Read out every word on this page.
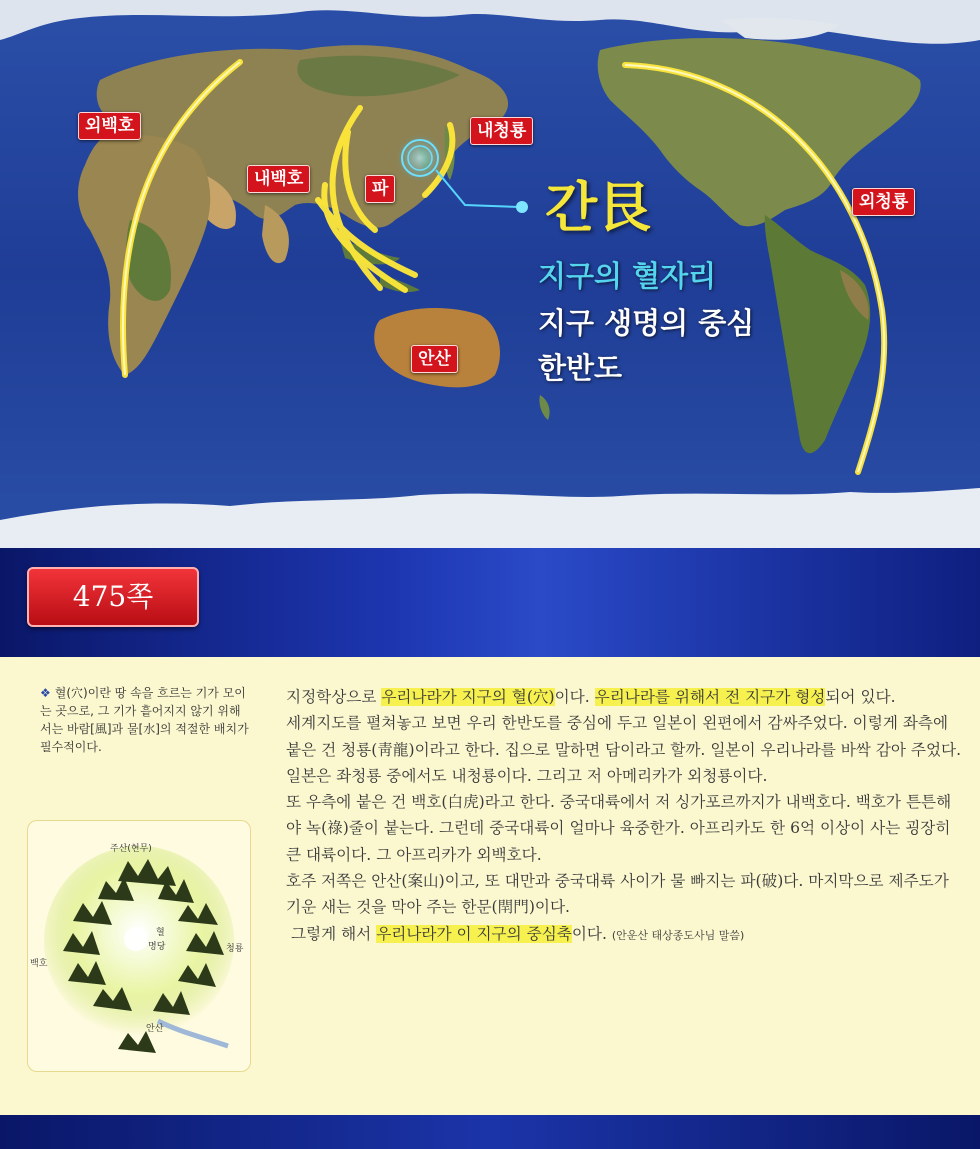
외백호	내청룡
내백호	파
외청룡
안산
간艮
지구의 혈자리
지구 생명의 중심
한반도
475쪽
❖ 혈(穴)이란 땅 속을 흐르는 기가 모이는 곳으로, 그 기가 흩어지지 않기 위해서는 바람[風]과 물[水]의 적절한 배치가 필수적이다.
주산(현무)
백호
청룡
혈
명당
안산

지정학상으로 우리나라가 지구의 혈(穴)이다. 우리나라를 위해서 전 지구가 형성되어 있다.

세계지도를 펼쳐놓고 보면 우리 한반도를 중심에 두고 일본이 왼편에서 감싸주었다. 이렇게 좌측에 붙은 건 청룡(靑龍)이라고 한다. 집으로 말하면 담이라고 할까. 일본이 우리나라를 바싹 감아 주었다. 일본은 좌청룡 중에서도 내청룡이다. 그리고 저 아메리카가 외청룡이다.

또 우측에 붙은 건 백호(白虎)라고 한다. 중국대륙에서 저 싱가포르까지가 내백호다. 백호가 튼튼해야 녹(祿)줄이 붙는다. 그런데 중국대륙이 얼마나 육중한가. 아프리카도 한 6억 이상이 사는 굉장히 큰 대륙이다. 그 아프리카가 외백호다.

호주 저쪽은 안산(案山)이고, 또 대만과 중국대륙 사이가 물 빠지는 파(破)다. 마지막으로 제주도가 기운 새는 것을 막아 주는 한문(閈門)이다.

그렇게 해서 우리나라가 이 지구의 중심축이다. (안운산 태상종도사님 말씀)
